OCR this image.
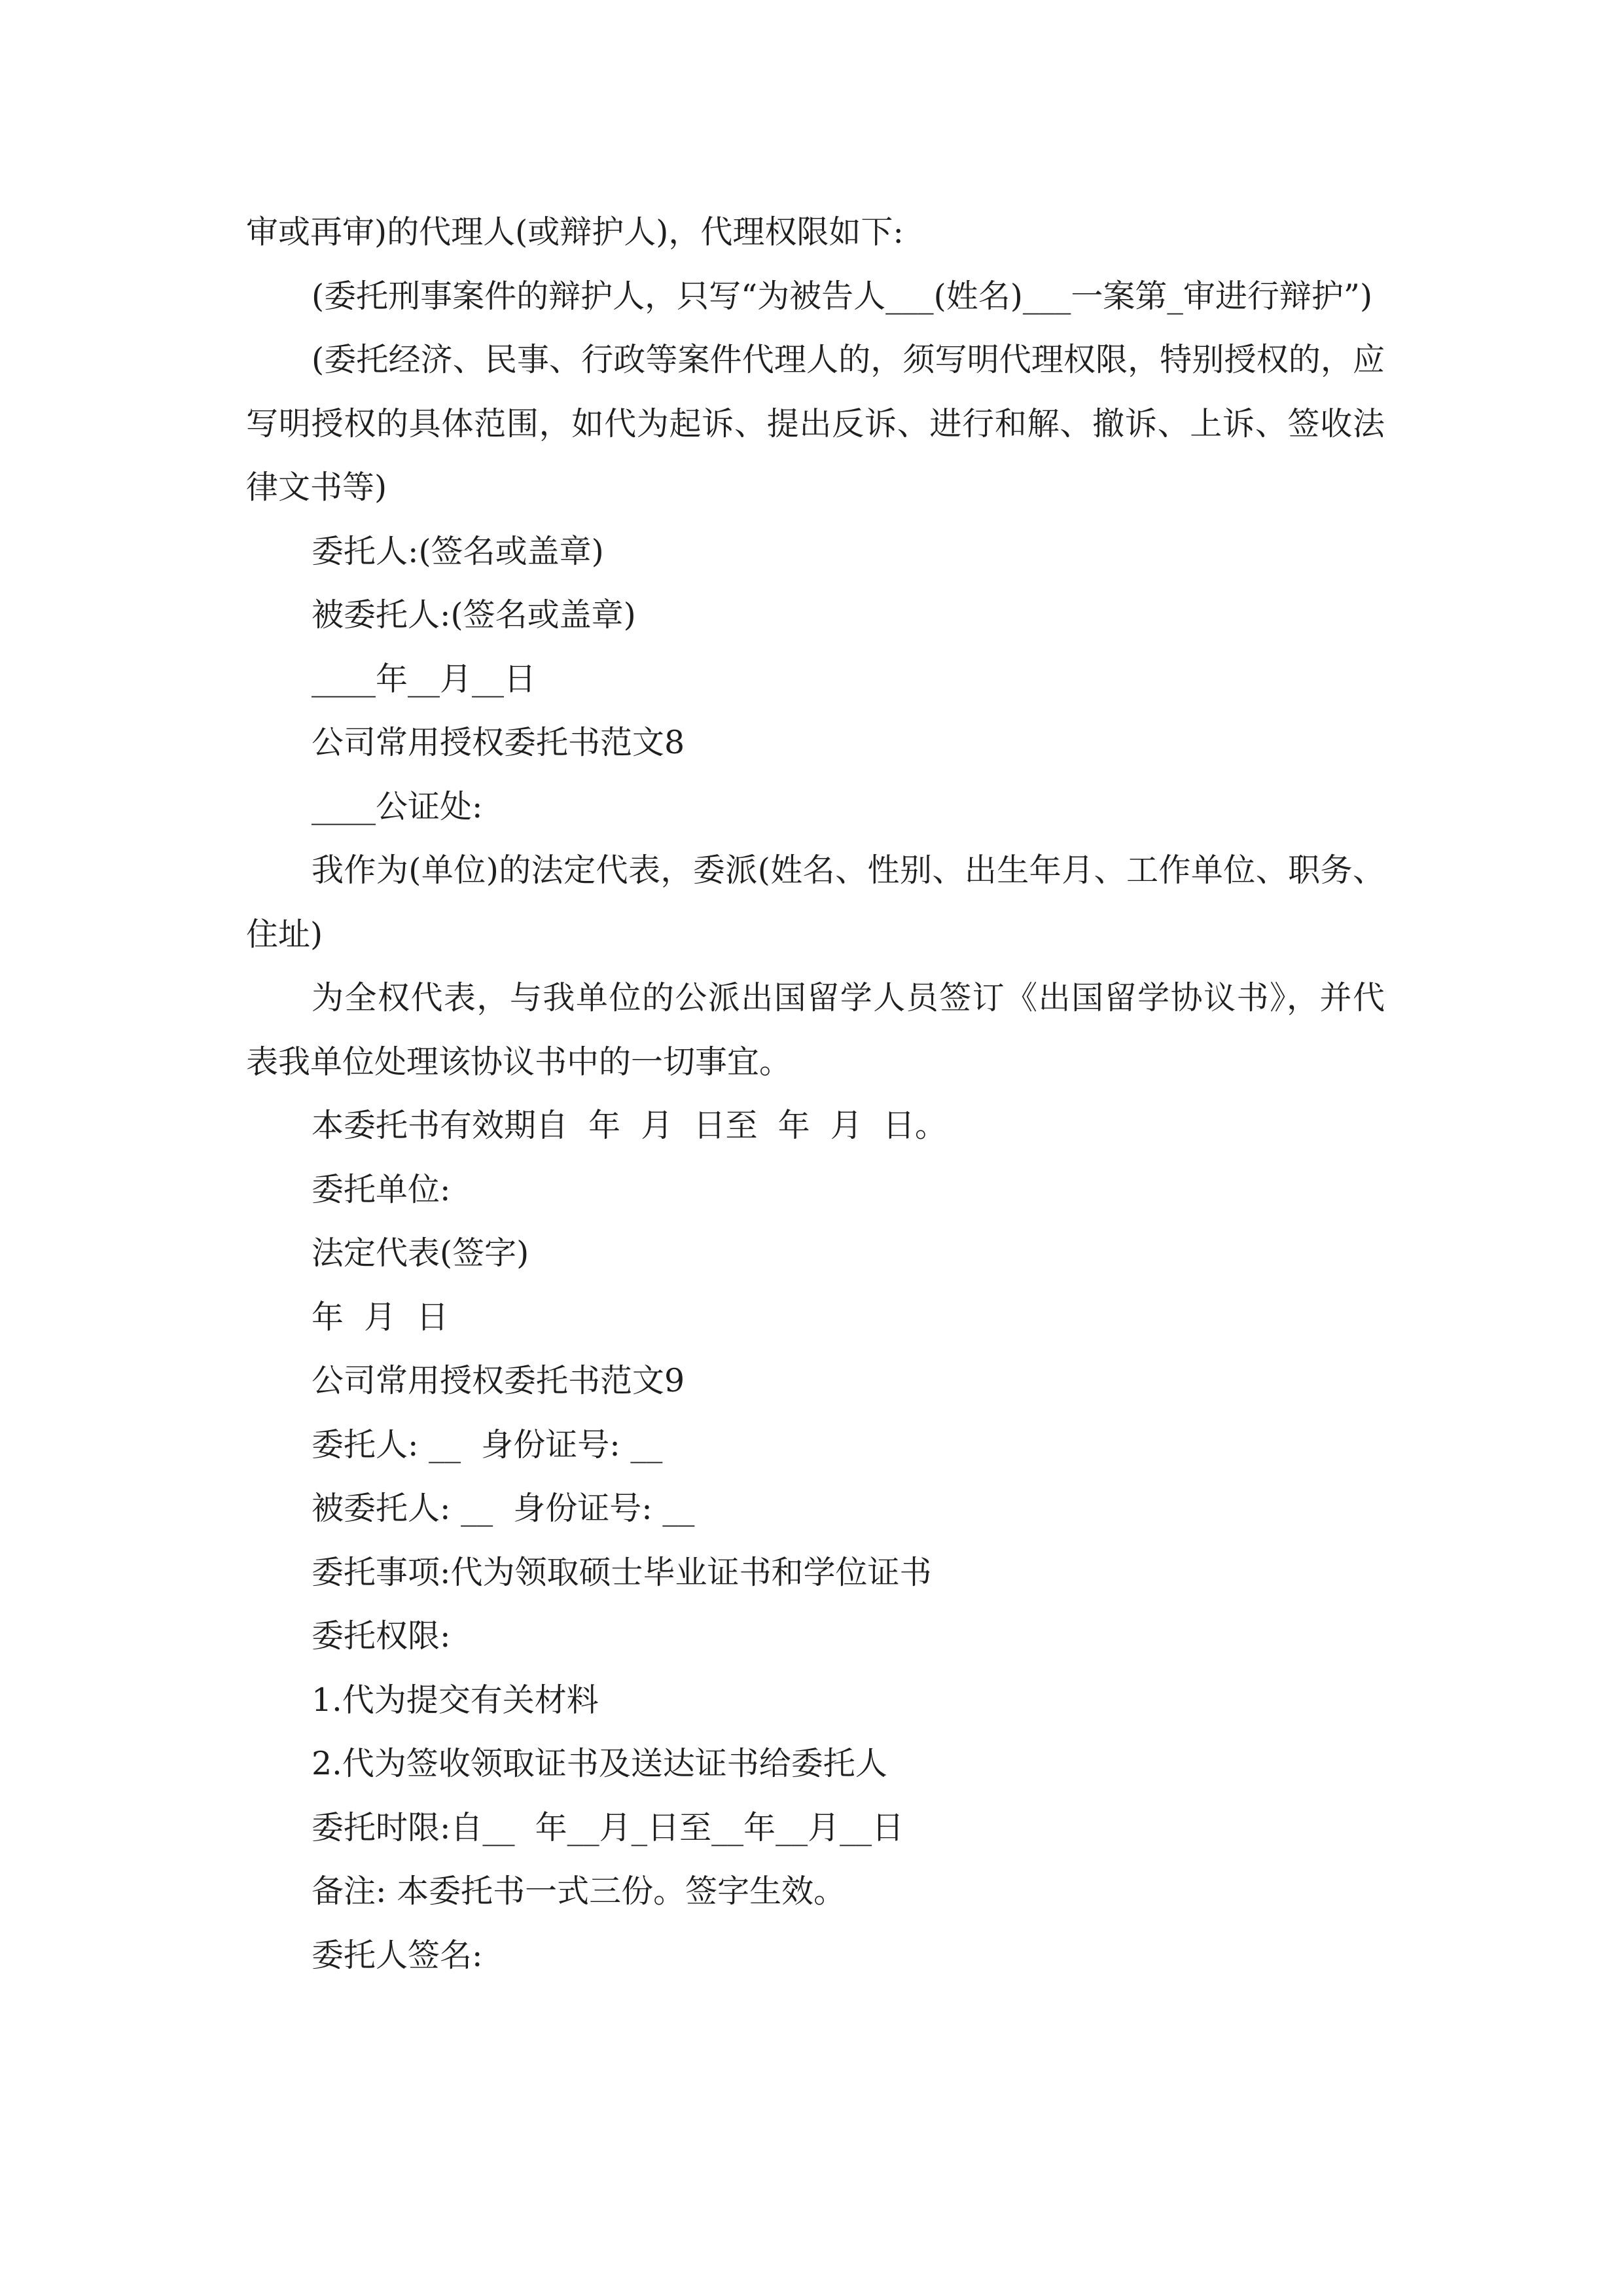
审或再审)的代理人(或辩护人)，代理权限如下:

(委托刑事案件的辩护人，只写“为被告人___(姓名)___一案第_审进行辩护”)

(委托经济、民事、行政等案件代理人的，须写明代理权限，特别授权的，应写明授权的具体范围，如代为起诉、提出反诉、进行和解、撤诉、上诉、签收法律文书等)

委托人:(签名或盖章)

被委托人:(签名或盖章)

____年__月__日

公司常用授权委托书范文8

____公证处:

我作为(单位)的法定代表，委派(姓名、性别、出生年月、工作单位、职务、住址)

为全权代表，与我单位的公派出国留学人员签订《出国留学协议书》，并代表我单位处理该协议书中的一切事宜。

本委托书有效期自  年  月  日至  年  月  日。

委托单位:

法定代表(签字)

年  月  日

公司常用授权委托书范文9

委托人: __  身份证号: __

被委托人: __  身份证号: __

委托事项:代为领取硕士毕业证书和学位证书

委托权限:

1.代为提交有关材料

2.代为签收领取证书及送达证书给委托人

委托时限:自__  年__月_日至__年__月__日

备注: 本委托书一式三份。签字生效。

委托人签名:
